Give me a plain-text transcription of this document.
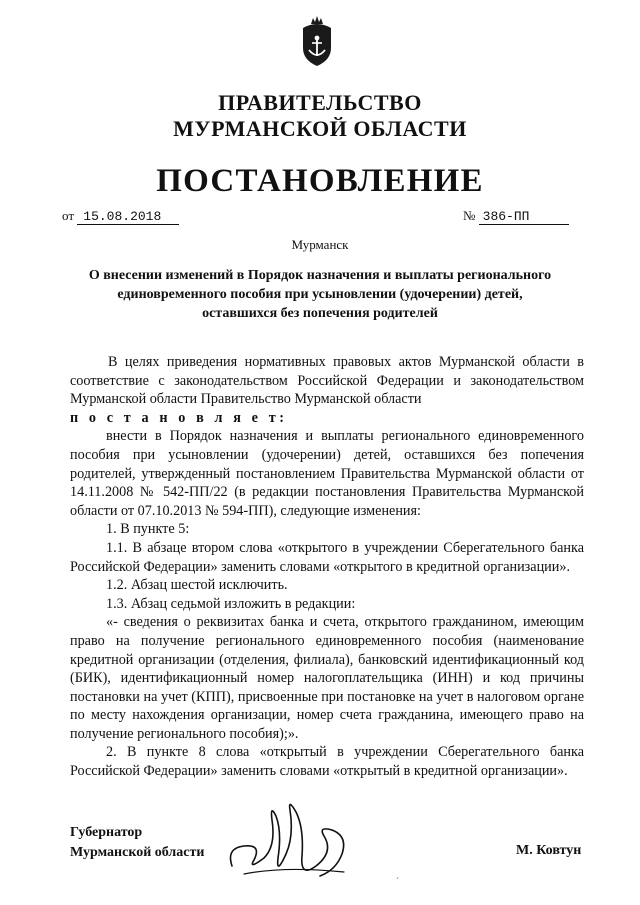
ПРАВИТЕЛЬСТВО
МУРМАНСКОЙ ОБЛАСТИ
ПОСТАНОВЛЕНИЕ
от 15.08.2018	№ 386-ПП
Мурманск
О внесении изменений в Порядок назначения и выплаты регионального
единовременного пособия при усыновлении (удочерении) детей,
оставшихся без попечения родителей

В целях приведения нормативных правовых актов Мурманской области в соответствие с законодательством Российской Федерации и законодательством Мурманской области Правительство Мурманской области

п о с т а н о в л я е т:

внести в Порядок назначения и выплаты регионального единовременного пособия при усыновлении (удочерении) детей, оставшихся без попечения родителей, утвержденный постановлением Правительства Мурманской области от 14.11.2008 № 542-ПП/22 (в редакции постановления Правительства Мурманской области от 07.10.2013 № 594-ПП), следующие изменения:

1. В пункте 5:

1.1. В абзаце втором слова «открытого в учреждении Сберегательного банка Российской Федерации» заменить словами «открытого в кредитной организации».

1.2. Абзац шестой исключить.

1.3. Абзац седьмой изложить в редакции:

«- сведения о реквизитах банка и счета, открытого гражданином, имеющим право на получение регионального единовременного пособия (наименование кредитной организации (отделения, филиала), банковский идентификационный код (БИК), идентификационный номер налогоплательщика (ИНН) и код причины постановки на учет (КПП), присвоенные при постановке на учет в налоговом органе по месту нахождения организации, номер счета гражданина, имеющего право на получение регионального пособия);».

2. В пункте 8 слова «открытый в учреждении Сберегательного банка Российской Федерации» заменить словами «открытый в кредитной организации».

Губернатор
Мурманской области	М. Ковтун
ˊ
